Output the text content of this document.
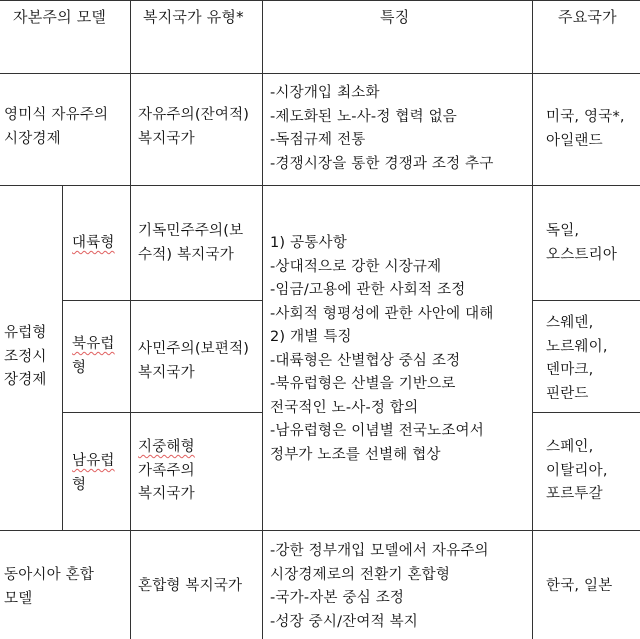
자본주의 모델 복지국가 유형*	특징	주요국가
영미식 자유주의
시장경제
자유주의(잔여적)
복지국가
-시장개입 최소화
-제도화된 노-사-정 협력 없음
-독점규제 전통
-경쟁시장을 통한 경쟁과 조정 추구
미국, 영국*,
아일랜드
유럽형
조정시
장경제
대륙형
기독민주주의(보
수적) 복지국가
독일,
오스트리아
북유럽
형
사민주의(보편적)
복지국가
스웨덴,
노르웨이,
덴마크,
핀란드
남유럽
형
지중해형
가족주의
복지국가
스페인,
이탈리아,
포르투갈
1) 공통사항
-상대적으로 강한 시장규제
-임금/고용에 관한 사회적 조정
-사회적 형평성에 관한 사안에 대해
2) 개별 특징
-대륙형은 산별협상 중심 조정
-북유럽형은 산별을 기반으로
전국적인 노-사-정 합의
-남유럽형은 이념별 전국노조여서
정부가 노조를 선별해 협상
동아시아 혼합
모델
혼합형 복지국가
-강한 정부개입 모델에서 자유주의
시장경제로의 전환기 혼합형
-국가-자본 중심 조정
-성장 중시/잔여적 복지
한국, 일본
